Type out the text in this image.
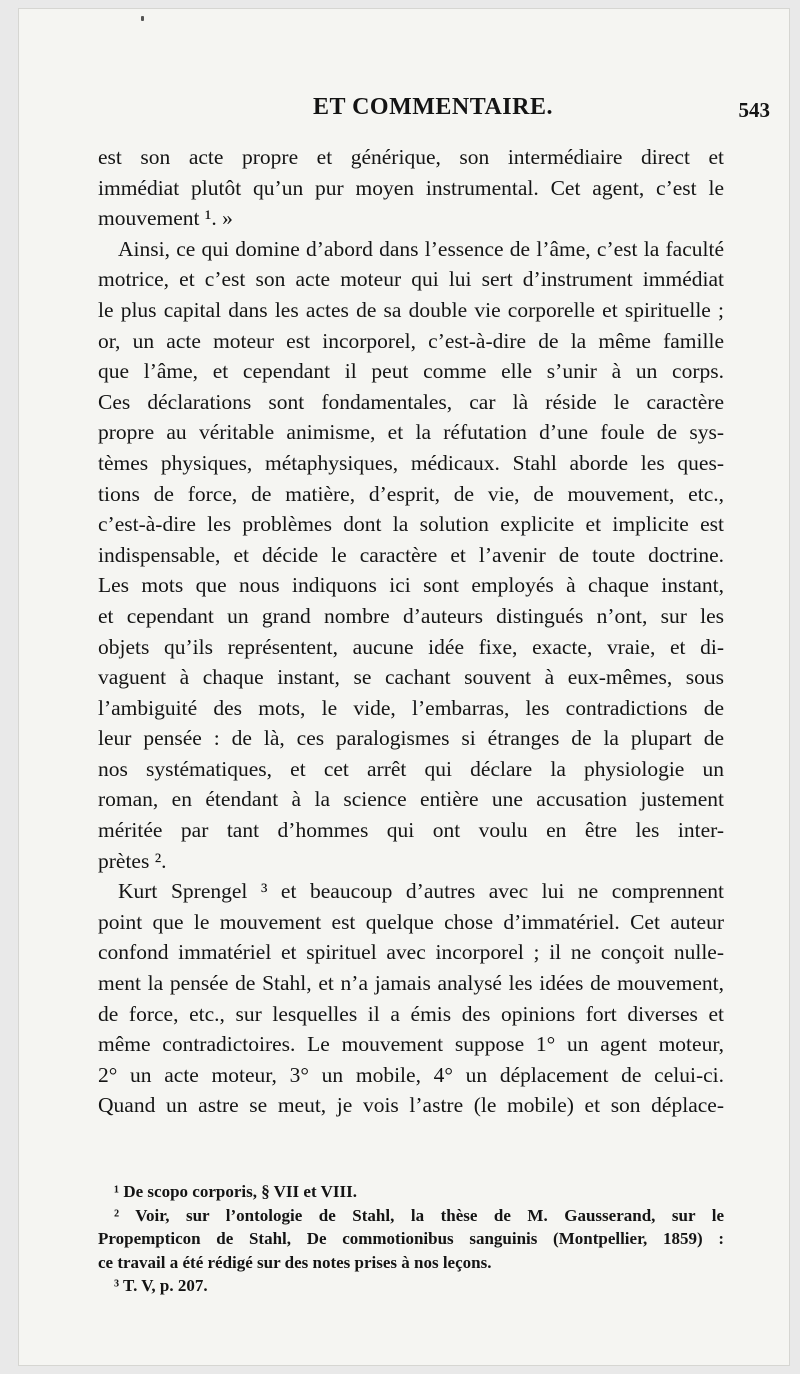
ET COMMENTAIRE.	543
est son acte propre et générique, son intermédiaire direct et
immédiat plutôt qu’un pur moyen instrumental. Cet agent, c’est le
mouvement ¹. »
Ainsi, ce qui domine d’abord dans l’essence de l’âme, c’est la faculté
motrice, et c’est son acte moteur qui lui sert d’instrument immédiat
le plus capital dans les actes de sa double vie corporelle et spirituelle ;
or, un acte moteur est incorporel, c’est-à-dire de la même famille
que l’âme, et cependant il peut comme elle s’unir à un corps.
Ces déclarations sont fondamentales, car là réside le caractère
propre au véritable animisme, et la réfutation d’une foule de sys-
tèmes physiques, métaphysiques, médicaux. Stahl aborde les ques-
tions de force, de matière, d’esprit, de vie, de mouvement, etc.,
c’est-à-dire les problèmes dont la solution explicite et implicite est
indispensable, et décide le caractère et l’avenir de toute doctrine.
Les mots que nous indiquons ici sont employés à chaque instant,
et cependant un grand nombre d’auteurs distingués n’ont, sur les
objets qu’ils représentent, aucune idée fixe, exacte, vraie, et di-
vaguent à chaque instant, se cachant souvent à eux-mêmes, sous
l’ambiguité des mots, le vide, l’embarras, les contradictions de
leur pensée : de là, ces paralogismes si étranges de la plupart de
nos systématiques, et cet arrêt qui déclare la physiologie un
roman, en étendant à la science entière une accusation justement
méritée par tant d’hommes qui ont voulu en être les inter-
prètes ².
Kurt Sprengel ³ et beaucoup d’autres avec lui ne comprennent
point que le mouvement est quelque chose d’immatériel. Cet auteur
confond immatériel et spirituel avec incorporel ; il ne conçoit nulle-
ment la pensée de Stahl, et n’a jamais analysé les idées de mouvement,
de force, etc., sur lesquelles il a émis des opinions fort diverses et
même contradictoires. Le mouvement suppose 1° un agent moteur,
2° un acte moteur, 3° un mobile, 4° un déplacement de celui-ci.
Quand un astre se meut, je vois l’astre (le mobile) et son déplace-
¹ De scopo corporis, § VII et VIII.
² Voir, sur l’ontologie de Stahl, la thèse de M. Gausserand, sur le
Propempticon de Stahl, De commotionibus sanguinis (Montpellier, 1859) :
ce travail a été rédigé sur des notes prises à nos leçons.
³ T. V, p. 207.
